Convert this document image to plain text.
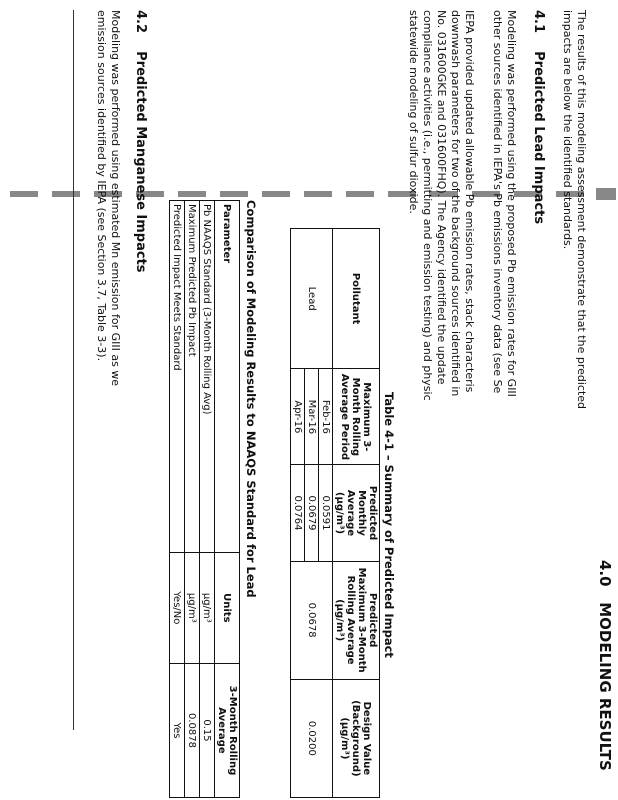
4.0   MODELING RESULTS
The results of this modeling assessment demonstrate that the predicted
impacts are below the identified standards.
4.1    Predicted Lead Impacts
Modeling was performed using the proposed Pb emission rates for GIII
other sources identified in IEPA's Pb emissions inventory data (see Se
IEPA provided updated allowable Pb emission rates, stack characteris
downwash parameters for two of the background sources identified in
No. 031600GKE and 031600FHQ). The Agency identified the update
compliance activities (i.e., permitting and emission testing) and physic
statewide modeling of sulfur dioxide.
Table 4-1 – Summary of Predicted Impact
Pollutant	Maximum 3-Month Rolling Average Period	Predicted Monthly Average (µg/m³)	Predicted Maximum 3-Month Rolling Average (µg/m³)	Design Value (Background) (µg/m³)
Lead	Feb-16	0.0591	0.0678	0.0200
	Mar-16	0.0679		
	Apr-16	0.0764		
Comparison of Modeling Results to NAAQS Standard for Lead
Parameter	Units	3-Month Rolling Average
Pb NAAQS Standard (3-Month Rolling Avg)	µg/m³	0.15
Maximum Predicted Pb Impact	µg/m³	0.0878
Predicted Impact Meets Standard	Yes/No	Yes
4.2    Predicted Manganese Impacts
Modeling was performed using estimated Mn emission for GIII as we
emission sources identified by IEPA (see Section 3.7, Table 3-3).
